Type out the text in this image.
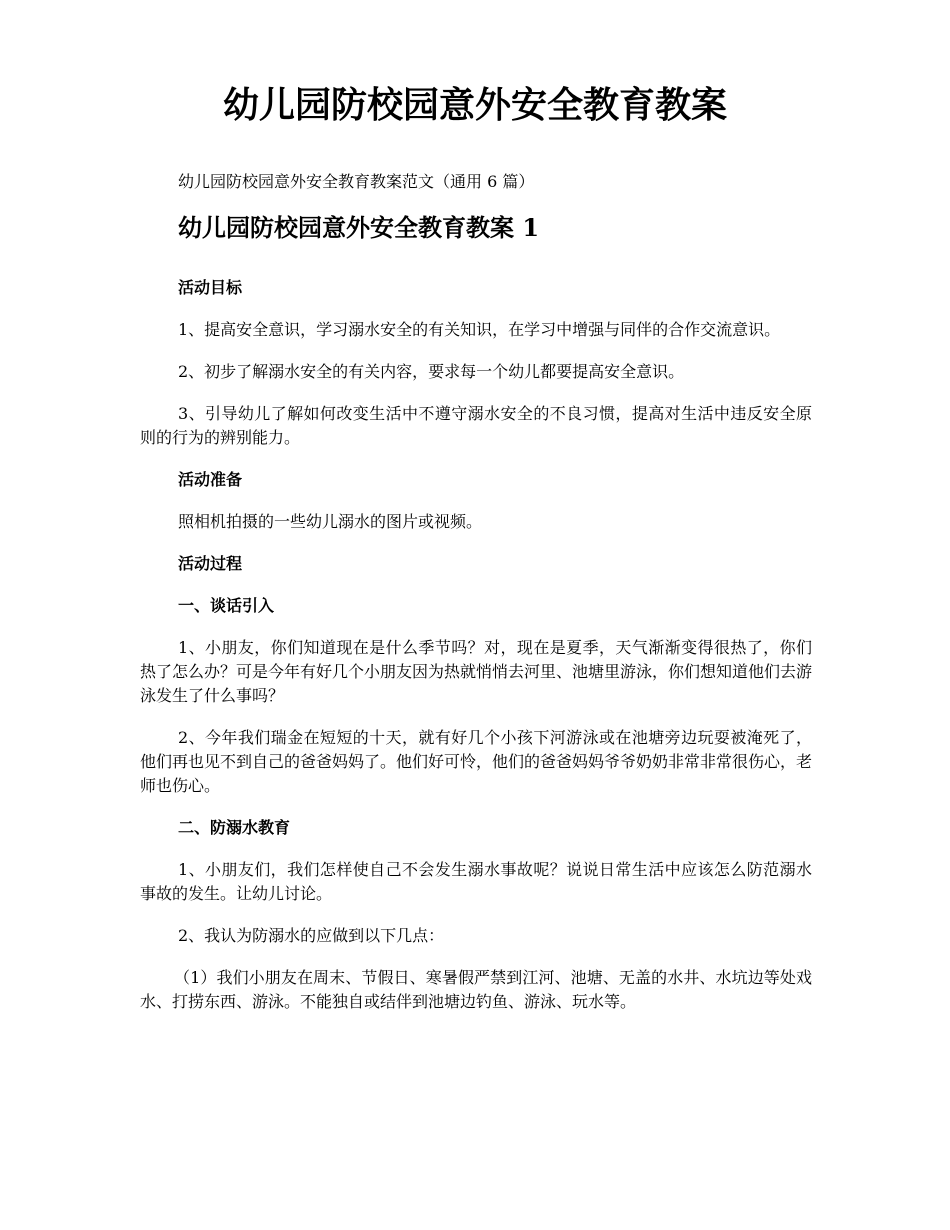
幼儿园防校园意外安全教育教案

幼儿园防校园意外安全教育教案范文（通用 6 篇）

幼儿园防校园意外安全教育教案 1

活动目标

1、提高安全意识，学习溺水安全的有关知识，在学习中增强与同伴的合作交流意识。

2、初步了解溺水安全的有关内容，要求每一个幼儿都要提高安全意识。

3、引导幼儿了解如何改变生活中不遵守溺水安全的不良习惯，提高对生活中违反安全原则的行为的辨别能力。

活动准备

照相机拍摄的一些幼儿溺水的图片或视频。

活动过程

一、谈话引入

1、小朋友，你们知道现在是什么季节吗？对，现在是夏季，天气渐渐变得很热了，你们热了怎么办？可是今年有好几个小朋友因为热就悄悄去河里、池塘里游泳，你们想知道他们去游泳发生了什么事吗？

2、今年我们瑞金在短短的十天，就有好几个小孩下河游泳或在池塘旁边玩耍被淹死了，他们再也见不到自己的爸爸妈妈了。他们好可怜，他们的爸爸妈妈爷爷奶奶非常非常很伤心，老师也伤心。

二、防溺水教育

1、小朋友们，我们怎样使自己不会发生溺水事故呢？说说日常生活中应该怎么防范溺水事故的发生。让幼儿讨论。

2、我认为防溺水的应做到以下几点：

（1）我们小朋友在周末、节假日、寒暑假严禁到江河、池塘、无盖的水井、水坑边等处戏水、打捞东西、游泳。不能独自或结伴到池塘边钓鱼、游泳、玩水等。
